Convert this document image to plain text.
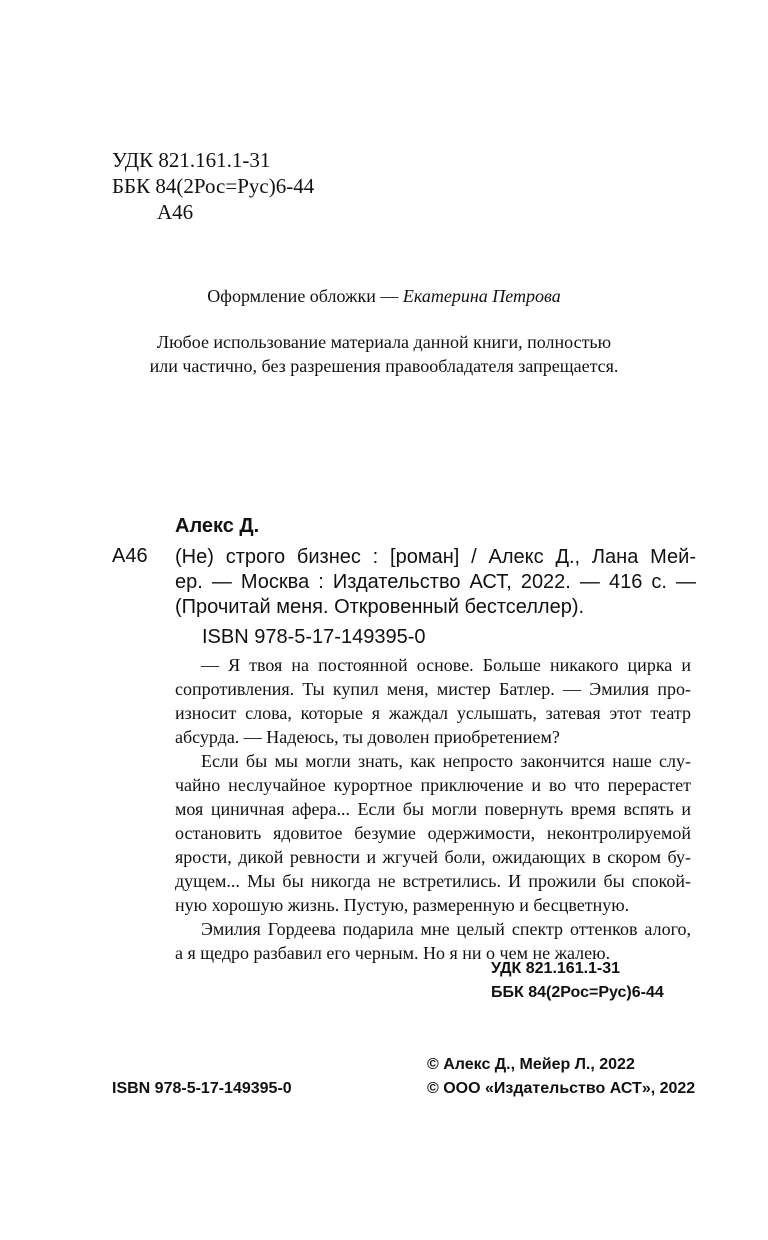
УДК 821.161.1-31
ББК 84(2Рос=Рус)6-44
А46
Оформление обложки — Екатерина Петрова
Любое использование материала данной книги, полностью
или частично, без разрешения правообладателя запрещается.
Алекс Д.
А46 (Не) строго бизнес : [роман] / Алекс Д., Лана Мей-
ер. — Москва : Издательство АСТ, 2022. — 416 с. —
(Прочитай меня. Откровенный бестселлер).
ISBN 978-5-17-149395-0
— Я твоя на постоянной основе. Больше никакого цирка и
сопротивления. Ты купил меня, мистер Батлер. — Эмилия про-
износит слова, которые я жаждал услышать, затевая этот театр
абсурда. — Надеюсь, ты доволен приобретением?
Если бы мы могли знать, как непросто закончится наше слу-
чайно неслучайное курортное приключение и во что перерастет
моя циничная афера... Если бы могли повернуть время вспять и
остановить ядовитое безумие одержимости, неконтролируемой
ярости, дикой ревности и жгучей боли, ожидающих в скором бу-
дущем... Мы бы никогда не встретились. И прожили бы спокой-
ную хорошую жизнь. Пустую, размеренную и бесцветную.
Эмилия Гордеева подарила мне целый спектр оттенков алого,
а я щедро разбавил его черным. Но я ни о чем не жалею.
УДК 821.161.1-31
ББК 84(2Рос=Рус)6-44
© Алекс Д., Мейер Л., 2022
© ООО «Издательство АСТ», 2022
ISBN 978-5-17-149395-0
